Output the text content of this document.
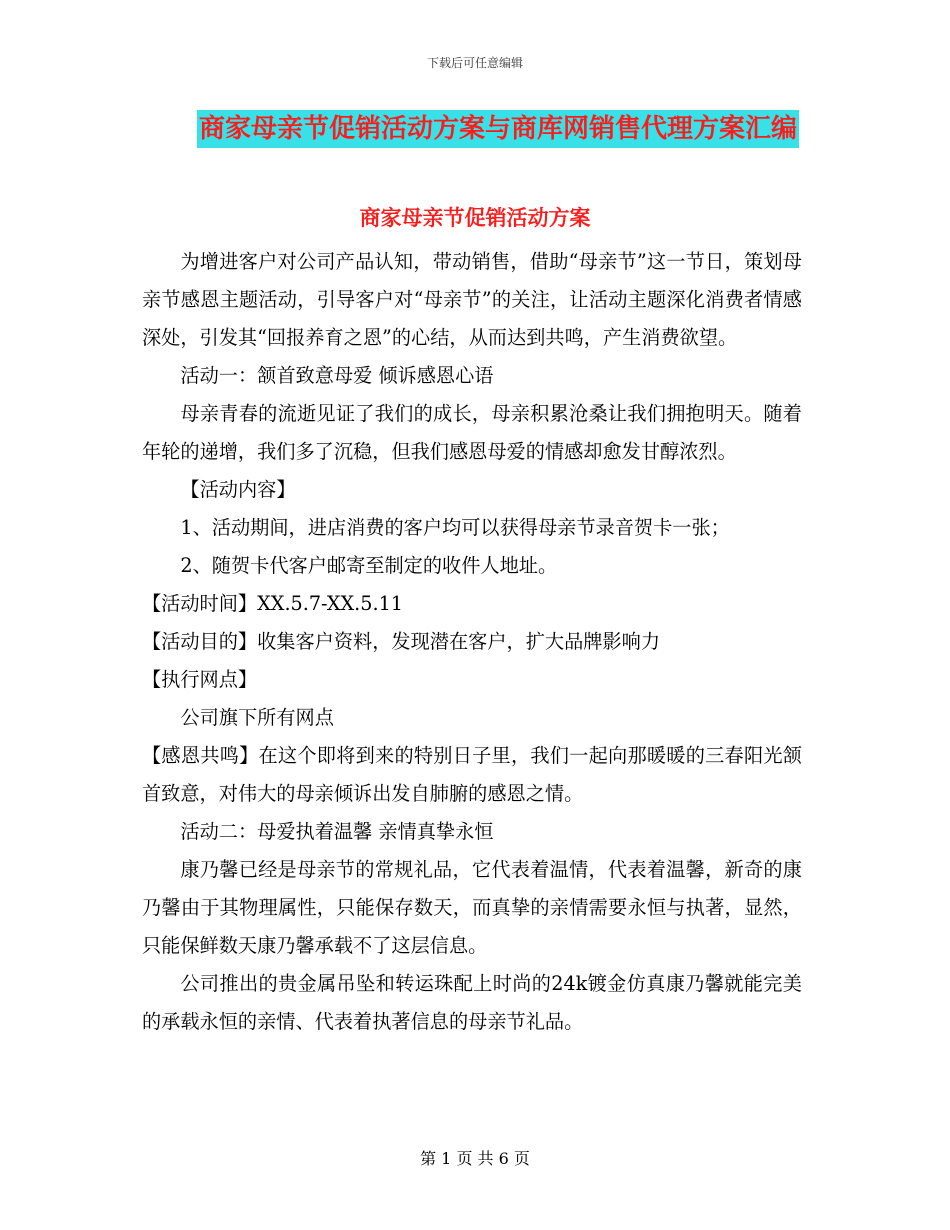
下载后可任意编辑
商家母亲节促销活动方案与商库网销售代理方案汇编
商家母亲节促销活动方案

为增进客户对公司产品认知，带动销售，借助“母亲节”这一节日，策划母亲节感恩主题活动，引导客户对“母亲节”的关注，让活动主题深化消费者情感深处，引发其“回报养育之恩”的心结，从而达到共鸣，产生消费欲望。

活动一：颔首致意母爱 倾诉感恩心语

母亲青春的流逝见证了我们的成长，母亲积累沧桑让我们拥抱明天。随着年轮的递增，我们多了沉稳，但我们感恩母爱的情感却愈发甘醇浓烈。

【活动内容】

1、活动期间，进店消费的客户均可以获得母亲节录音贺卡一张；

2、随贺卡代客户邮寄至制定的收件人地址。

【活动时间】XX.5.7-XX.5.11

【活动目的】收集客户资料，发现潜在客户，扩大品牌影响力

【执行网点】

公司旗下所有网点

【感恩共鸣】在这个即将到来的特别日子里，我们一起向那暖暖的三春阳光颔首致意，对伟大的母亲倾诉出发自肺腑的感恩之情。

活动二：母爱执着温馨 亲情真挚永恒

康乃馨已经是母亲节的常规礼品，它代表着温情，代表着温馨，新奇的康乃馨由于其物理属性，只能保存数天，而真挚的亲情需要永恒与执著，显然，只能保鲜数天康乃馨承载不了这层信息。

公司推出的贵金属吊坠和转运珠配上时尚的24k镀金仿真康乃馨就能完美的承载永恒的亲情、代表着执著信息的母亲节礼品。

第 1 页 共 6 页
